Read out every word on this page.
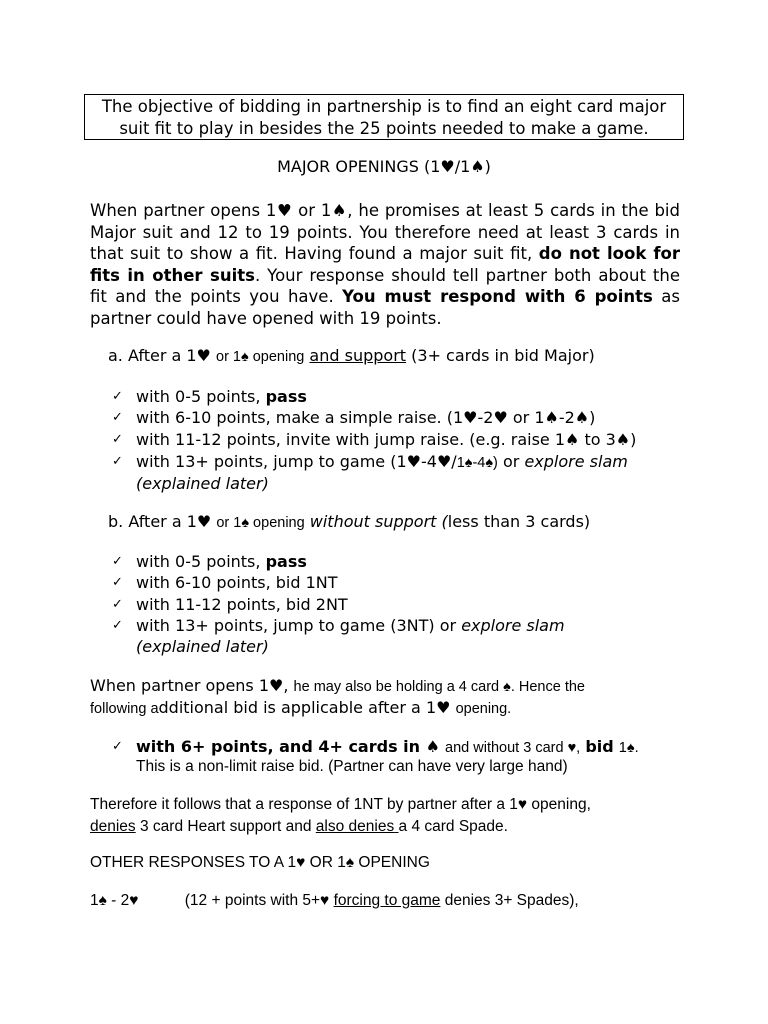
The objective of bidding in partnership is to find an eight card major
suit fit to play in besides the 25 points needed to make a game.
MAJOR OPENINGS (1♥/1♠)
When partner opens 1♥ or 1♠, he promises at least 5 cards in the bid Major suit and 12 to 19 points. You therefore need at least 3 cards in that suit to show a fit. Having found a major suit fit, do not look for fits in other suits. Your response should tell partner both about the fit and the points you have. You must respond with 6 points as partner could have opened with 19 points.
a. After a 1♥ or 1♠ opening and support (3+ cards in bid Major)
✓ with 0-5 points, pass
✓ with 6-10 points, make a simple raise. (1♥-2♥ or 1♠-2♠)
✓ with 11-12 points, invite with jump raise. (e.g. raise 1♠ to 3♠)
✓ with 13+ points, jump to game (1♥-4♥/1♠-4♠) or explore slam
(explained later)
b. After a 1♥ or 1♠ opening without support (less than 3 cards)
✓ with 0-5 points, pass
✓ with 6-10 points, bid 1NT
✓ with 11-12 points, bid 2NT
✓ with 13+ points, jump to game (3NT) or explore slam
(explained later)
When partner opens 1♥, he may also be holding a 4 card ♠. Hence the
following additional bid is applicable after a 1♥ opening.
✓ with 6+ points, and 4+ cards in ♠ and without 3 card ♥, bid 1♠.
This is a non-limit raise bid. (Partner can have very large hand)
Therefore it follows that a response of 1NT by partner after a 1♥ opening,
denies 3 card Heart support and also denies a 4 card Spade.
OTHER RESPONSES TO A 1♥ OR 1♠ OPENING
1♠ - 2♥	(12 + points with 5+♥ forcing to game denies 3+ Spades),
